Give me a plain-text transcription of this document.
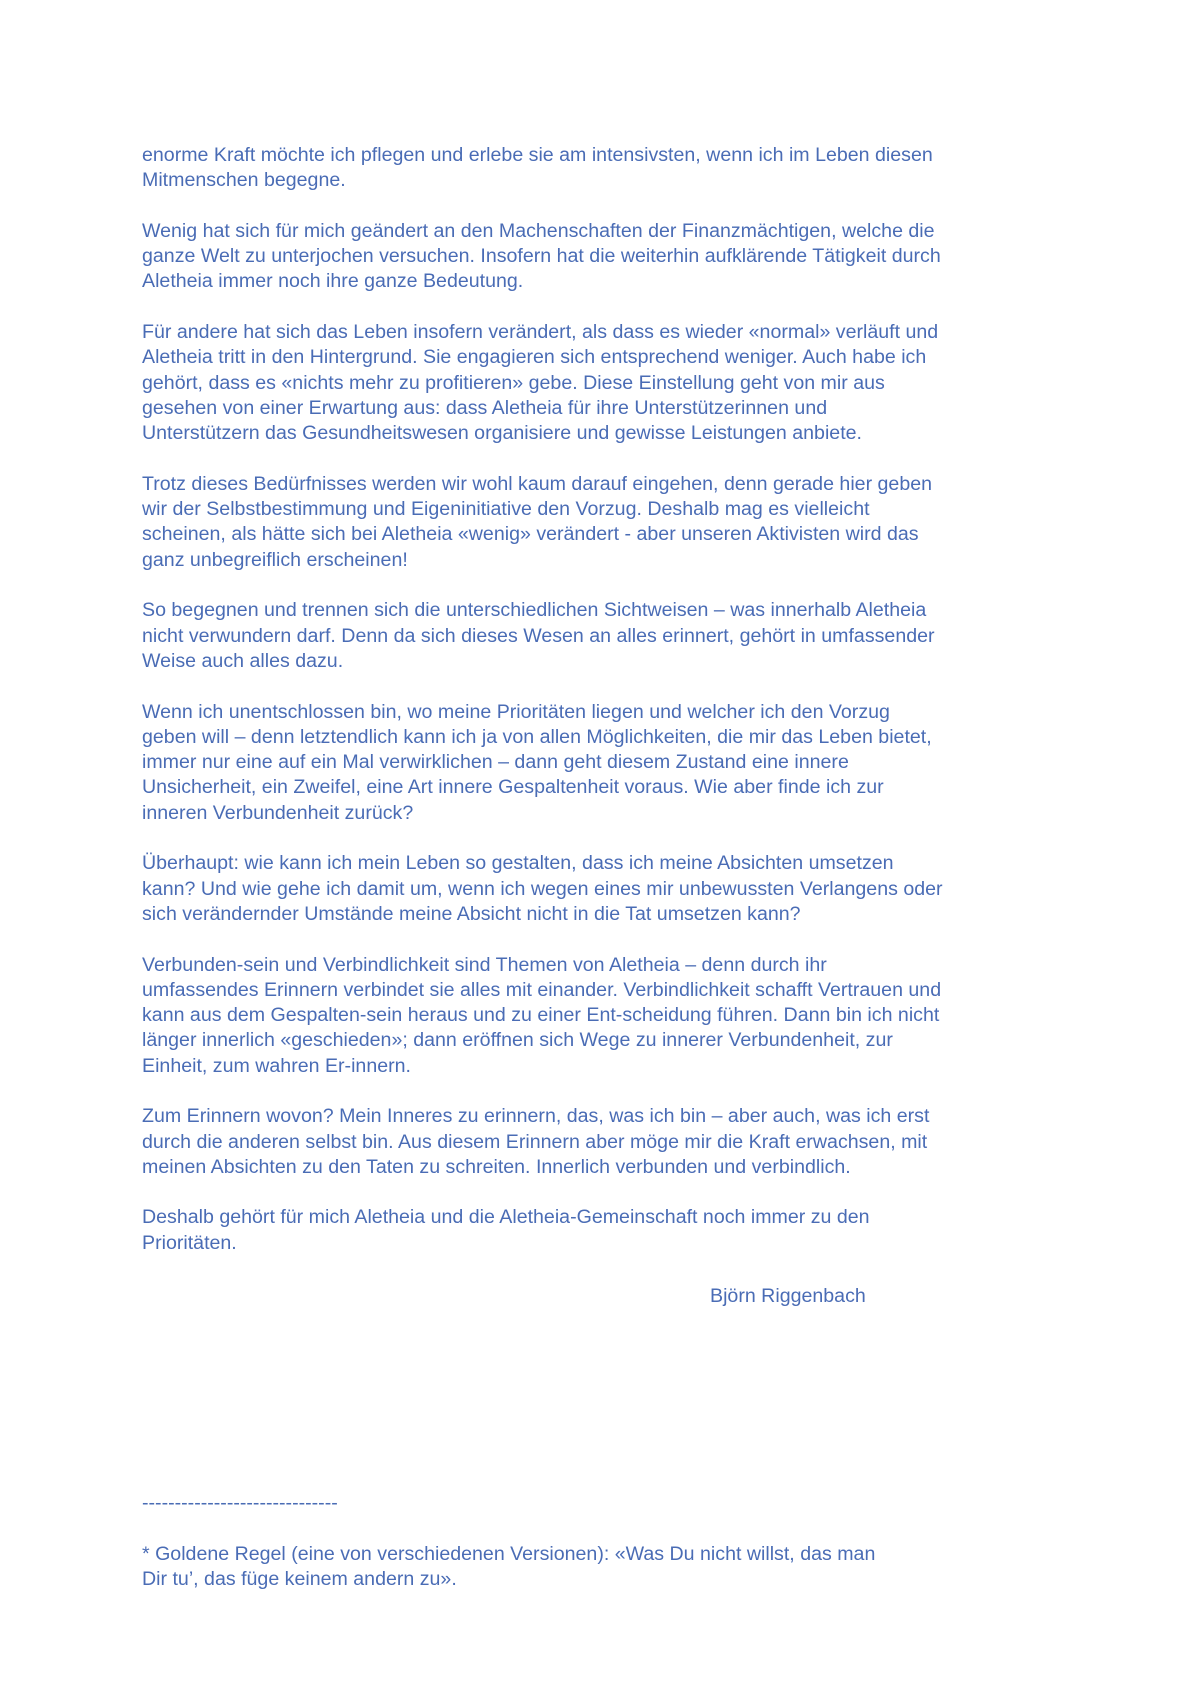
enorme Kraft möchte ich pflegen und erlebe sie am intensivsten, wenn ich im Leben diesen
Mitmenschen begegne.

Wenig hat sich für mich geändert an den Machenschaften der Finanzmächtigen, welche die
ganze Welt zu unterjochen versuchen. Insofern hat die weiterhin aufklärende Tätigkeit durch
Aletheia immer noch ihre ganze Bedeutung.

Für andere hat sich das Leben insofern verändert, als dass es wieder «normal» verläuft und
Aletheia tritt in den Hintergrund. Sie engagieren sich entsprechend weniger. Auch habe ich
gehört, dass es «nichts mehr zu profitieren» gebe. Diese Einstellung geht von mir aus
gesehen von einer Erwartung aus: dass Aletheia für ihre Unterstützerinnen und
Unterstützern das Gesundheitswesen organisiere und gewisse Leistungen anbiete.

Trotz dieses Bedürfnisses werden wir wohl kaum darauf eingehen, denn gerade hier geben
wir der Selbstbestimmung und Eigeninitiative den Vorzug. Deshalb mag es vielleicht
scheinen, als hätte sich bei Aletheia «wenig» verändert - aber unseren Aktivisten wird das
ganz unbegreiflich erscheinen!

So begegnen und trennen sich die unterschiedlichen Sichtweisen – was innerhalb Aletheia
nicht verwundern darf. Denn da sich dieses Wesen an alles erinnert, gehört in umfassender
Weise auch alles dazu.

Wenn ich unentschlossen bin, wo meine Prioritäten liegen und welcher ich den Vorzug
geben will – denn letztendlich kann ich ja von allen Möglichkeiten, die mir das Leben bietet,
immer nur eine auf ein Mal verwirklichen – dann geht diesem Zustand eine innere
Unsicherheit, ein Zweifel, eine Art innere Gespaltenheit voraus. Wie aber finde ich zur
inneren Verbundenheit zurück?

Überhaupt: wie kann ich mein Leben so gestalten, dass ich meine Absichten umsetzen
kann? Und wie gehe ich damit um, wenn ich wegen eines mir unbewussten Verlangens oder
sich verändernder Umstände meine Absicht nicht in die Tat umsetzen kann?

Verbunden-sein und Verbindlichkeit sind Themen von Aletheia – denn durch ihr
umfassendes Erinnern verbindet sie alles mit einander. Verbindlichkeit schafft Vertrauen und
kann aus dem Gespalten-sein heraus und zu einer Ent-scheidung führen. Dann bin ich nicht
länger innerlich «geschieden»; dann eröffnen sich Wege zu innerer Verbundenheit, zur
Einheit, zum wahren Er-innern.

Zum Erinnern wovon? Mein Inneres zu erinnern, das, was ich bin – aber auch, was ich erst
durch die anderen selbst bin. Aus diesem Erinnern aber möge mir die Kraft erwachsen, mit
meinen Absichten zu den Taten zu schreiten. Innerlich verbunden und verbindlich.

Deshalb gehört für mich Aletheia und die Aletheia-Gemeinschaft noch immer zu den
Prioritäten.

Björn Riggenbach

------------------------------

* Goldene Regel (eine von verschiedenen Versionen): «Was Du nicht willst, das man
Dir tu’, das füge keinem andern zu».
